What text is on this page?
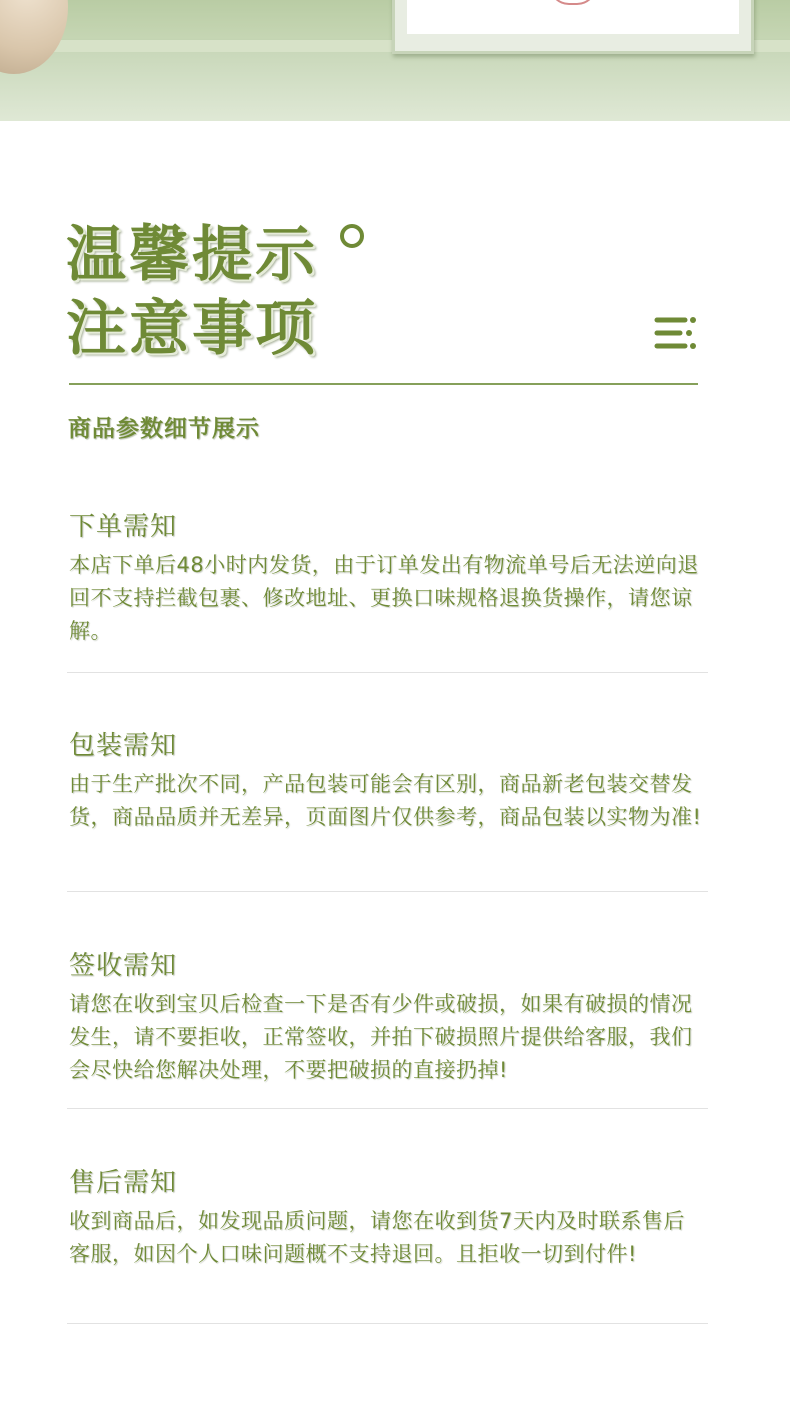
温馨提示
注意事项
商品参数细节展示
下单需知

本店下单后48小时内发货，由于订单发出有物流单号后无法逆向退回不支持拦截包裹、修改地址、更换口味规格退换货操作，请您谅解。

包装需知

由于生产批次不同，产品包装可能会有区别，商品新老包装交替发货，商品品质并无差异，页面图片仅供参考，商品包装以实物为准!

签收需知

请您在收到宝贝后检查一下是否有少件或破损，如果有破损的情况发生，请不要拒收，正常签收，并拍下破损照片提供给客服，我们会尽快给您解决处理，不要把破损的直接扔掉!

售后需知

收到商品后，如发现品质问题，请您在收到货7天内及时联系售后客服，如因个人口味问题概不支持退回。且拒收一切到付件!
